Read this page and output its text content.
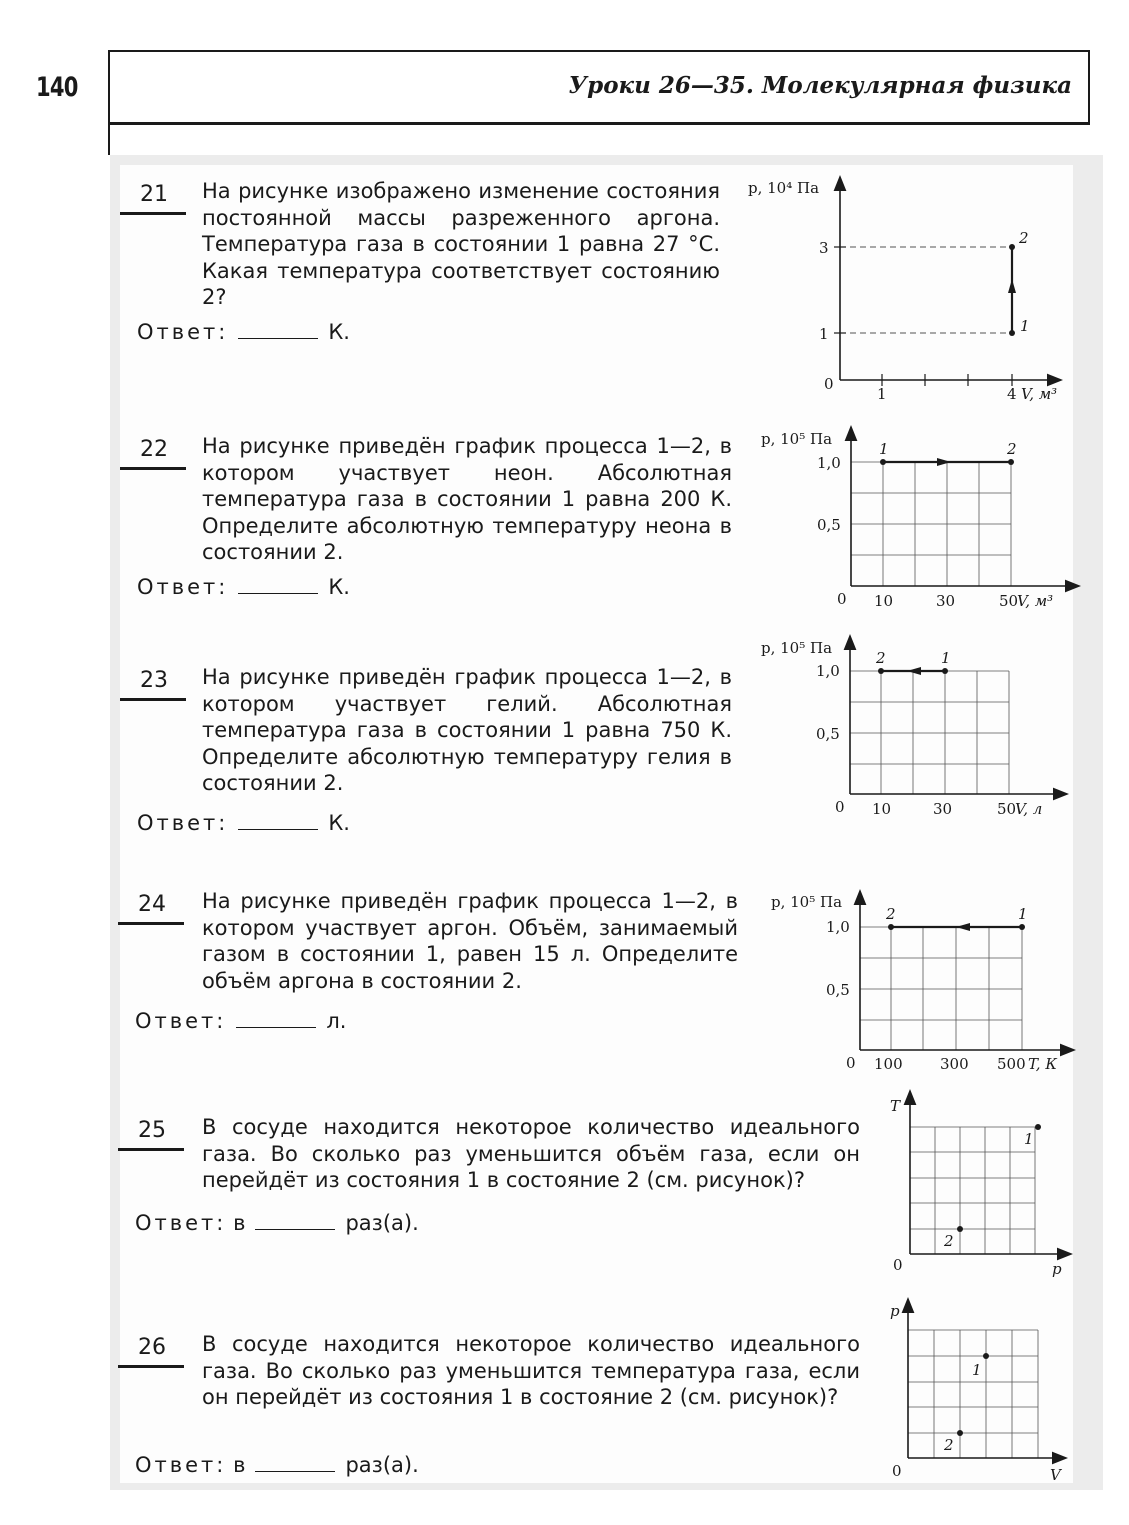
140	Уроки 26—35. Молекулярная физика
21 На рисунке изображено изменение состояния постоянной массы разреженного аргона. Температура газа в состоянии 1 равна 27 °С. Какая температура соответствует состоянию 2?
Ответ:	К.
22 На рисунке приведён график процесса 1—2, в котором участвует неон. Абсолютная температура газа в состоянии 1 равна 200 К. Определите абсолютную температуру неона в состоянии 2.
Ответ:	К.
23 На рисунке приведён график процесса 1—2, в котором участвует гелий. Абсолютная температура газа в состоянии 1 равна 750 К. Определите абсолютную температуру гелия в состоянии 2.
Ответ:	К.
24 На рисунке приведён график процесса 1—2, в котором участвует аргон. Объём, занимаемый газом в состоянии 1, равен 15 л. Определите объём аргона в состоянии 2.
Ответ:	л.
25 В сосуде находится некоторое количество идеального газа. Во сколько раз уменьшится объём газа, если он перейдёт из состояния 1 в состояние 2 (см. рисунок)?
Ответ: в	раз(а).
26 В сосуде находится некоторое количество идеального газа. Во сколько раз уменьшится температура газа, если он перейдёт из состояния 1 в состояние 2 (см. рисунок)?
Ответ: в	раз(а).
p, 10⁴ Па
3
1
0
1	4 V, м³
2
1
p, 10⁵ Па
1,0
0,5
0 10	30	50
V, м³
1	2
p, 10⁵ Па
1,0
0,5
0 10	30	50
V, л
2	1
p, 10⁵ Па
1,0
0,5
0 100 300 500 T, К
2	1
T
0	p
1
2
p
0	V
1
2
